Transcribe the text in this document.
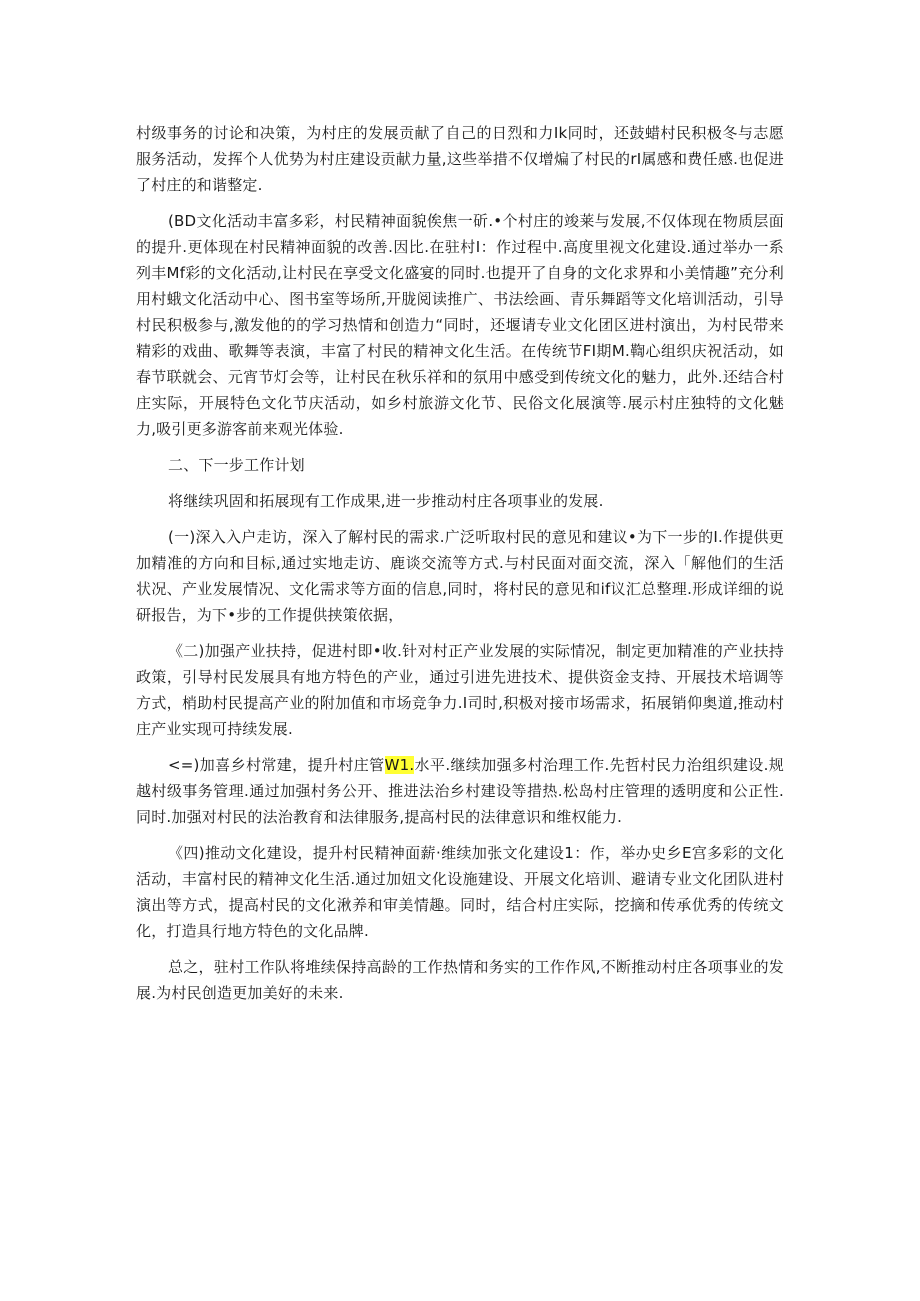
村级事务的讨论和决策，为村庄的发展贡献了自己的日烈和力Ik同时，还鼓蜡村民积极冬与志愿服务活动，发挥个人优势为村庄建设贡献力量,这些举措不仅增煸了村民的rI属感和费任感.也促进了村庄的和谐整定.

(BD文化活动丰富多彩，村民精神面貌俟焦一斫.•个村庄的竣莱与发展,不仅体现在物质层面的提升.更体现在村民精神面貌的改善.因比.在驻村I：作过程中.高度里视文化建设.通过举办一系列丰Mf彩的文化活动,让村民在享受文化盛宴的同时.也提开了自身的文化求界和小美情趣”充分利用村蛾文化活动中心、图书室等场所,开胧阅读推广、书法绘画、青乐舞蹈等文化培训活动，引导村民积极参与,激发他的的学习热情和创造力“同时，还堰请专业文化团区进村演出，为村民带来精彩的戏曲、歌舞等表演，丰富了村民的精神文化生活。在传统节FI期M.鞫心组织庆祝活动，如春节联就会、元宵节灯会等，让村民在秋乐祥和的氛用中感受到传统文化的魅力，此外.还结合村庄实际，开展特色文化节庆活动，如乡村旅游文化节、民俗文化展演等.展示村庄独特的文化魅力,吸引更多游客前来观光体验.

二、下一步工作计划

将继续巩固和拓展现有工作成果,进一步推动村庄各项事业的发展.

(一)深入入户走访，深入了解村民的需求.广泛听取村民的意见和建议•为下一步的I.作提供更加精准的方向和目标,通过实地走访、鹿谈交流等方式.与村民面对面交流，深入「解他们的生活状况、产业发展情况、文化需求等方面的信息,同时，将村民的意见和if议汇总整理.形成详细的说研报告，为下•步的工作提供挟策依据，

《二)加强产业扶持，促进村即•收.针对村正产业发展的实际情况，制定更加精准的产业扶持政策，引导村民发展具有地方特色的产业，通过引进先进技术、提供资金支持、开展技术培调等方式，梢助村民提高产业的附加值和市场竞争力.I司时,积极对接市场需求，拓展销仰奥道,推动村庄产业实现可持续发展.

<=)加喜乡村常建，提升村庄管W1.水平.继续加强多村治理工作.先哲村民力治组织建设.规越村级事务管理.通过加强村务公开、推进法治乡村建设等措热.松岛村庄管理的透明度和公正性.同时.加强对村民的法治教育和法律服务,提高村民的法律意识和维权能力.

《四)推动文化建设，提升村民精神面薪·维续加张文化建设1：作，举办史乡E宫多彩的文化活动，丰富村民的精神文化生活.通过加妞文化设施建设、开展文化培训、避请专业文化团队进村演出等方式，提高村民的文化湫养和审美情趣。同时，结合村庄实际，挖摘和传承优秀的传统文化，打造具行地方特色的文化品牌.

总之，驻村工作队将堆续保持高龄的工作热情和务实的工作作风,不断推动村庄各项事业的发展.为村民创造更加美好的未来.
